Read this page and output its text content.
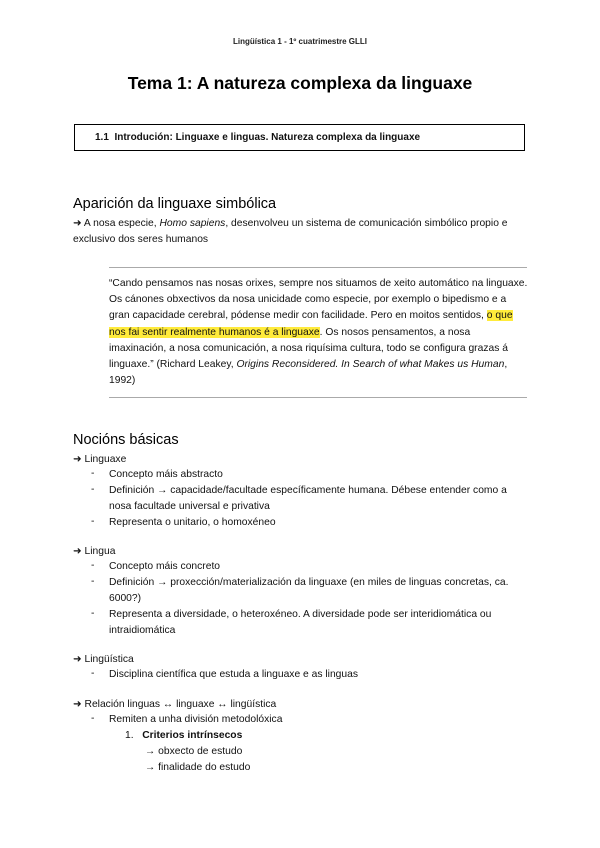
Lingüística 1 - 1º cuatrimestre GLLI
Tema 1: A natureza complexa da linguaxe
1.1 Introdución: Linguaxe e linguas. Natureza complexa da linguaxe
Aparición da linguaxe simbólica
➜ A nosa especie, Homo sapiens, desenvolveu un sistema de comunicación simbólico propio e exclusivo dos seres humanos
“Cando pensamos nas nosas orixes, sempre nos situamos de xeito automático na linguaxe. Os cánones obxectivos da nosa unicidade como especie, por exemplo o bipedismo e a gran capacidade cerebral, pódense medir con facilidade. Pero en moitos sentidos, o que nos fai sentir realmente humanos é a linguaxe. Os nosos pensamentos, a nosa imaxinación, a nosa comunicación, a nosa riquísima cultura, todo se configura grazas á linguaxe.” (Richard Leakey, Origins Reconsidered. In Search of what Makes us Human, 1992)
Nocións básicas
➜ Linguaxe
- Concepto máis abstracto
- Definición → capacidade/facultade específicamente humana. Débese entender como a nosa facultade universal e privativa
- Representa o unitario, o homoxéneo
➜ Lingua
- Concepto máis concreto
- Definición → proxección/materialización da linguaxe (en miles de linguas concretas, ca. 6000?)
- Representa a diversidade, o heteroxéneo. A diversidade pode ser interidiomática ou intraidiomática
➜ Lingüística
- Disciplina científica que estuda a linguaxe e as linguas
➜ Relación linguas ↔ linguaxe ↔ lingüística
- Remiten a unha división metodolóxica
1. Criterios intrínsecos
→ obxecto de estudo
→ finalidade do estudo
